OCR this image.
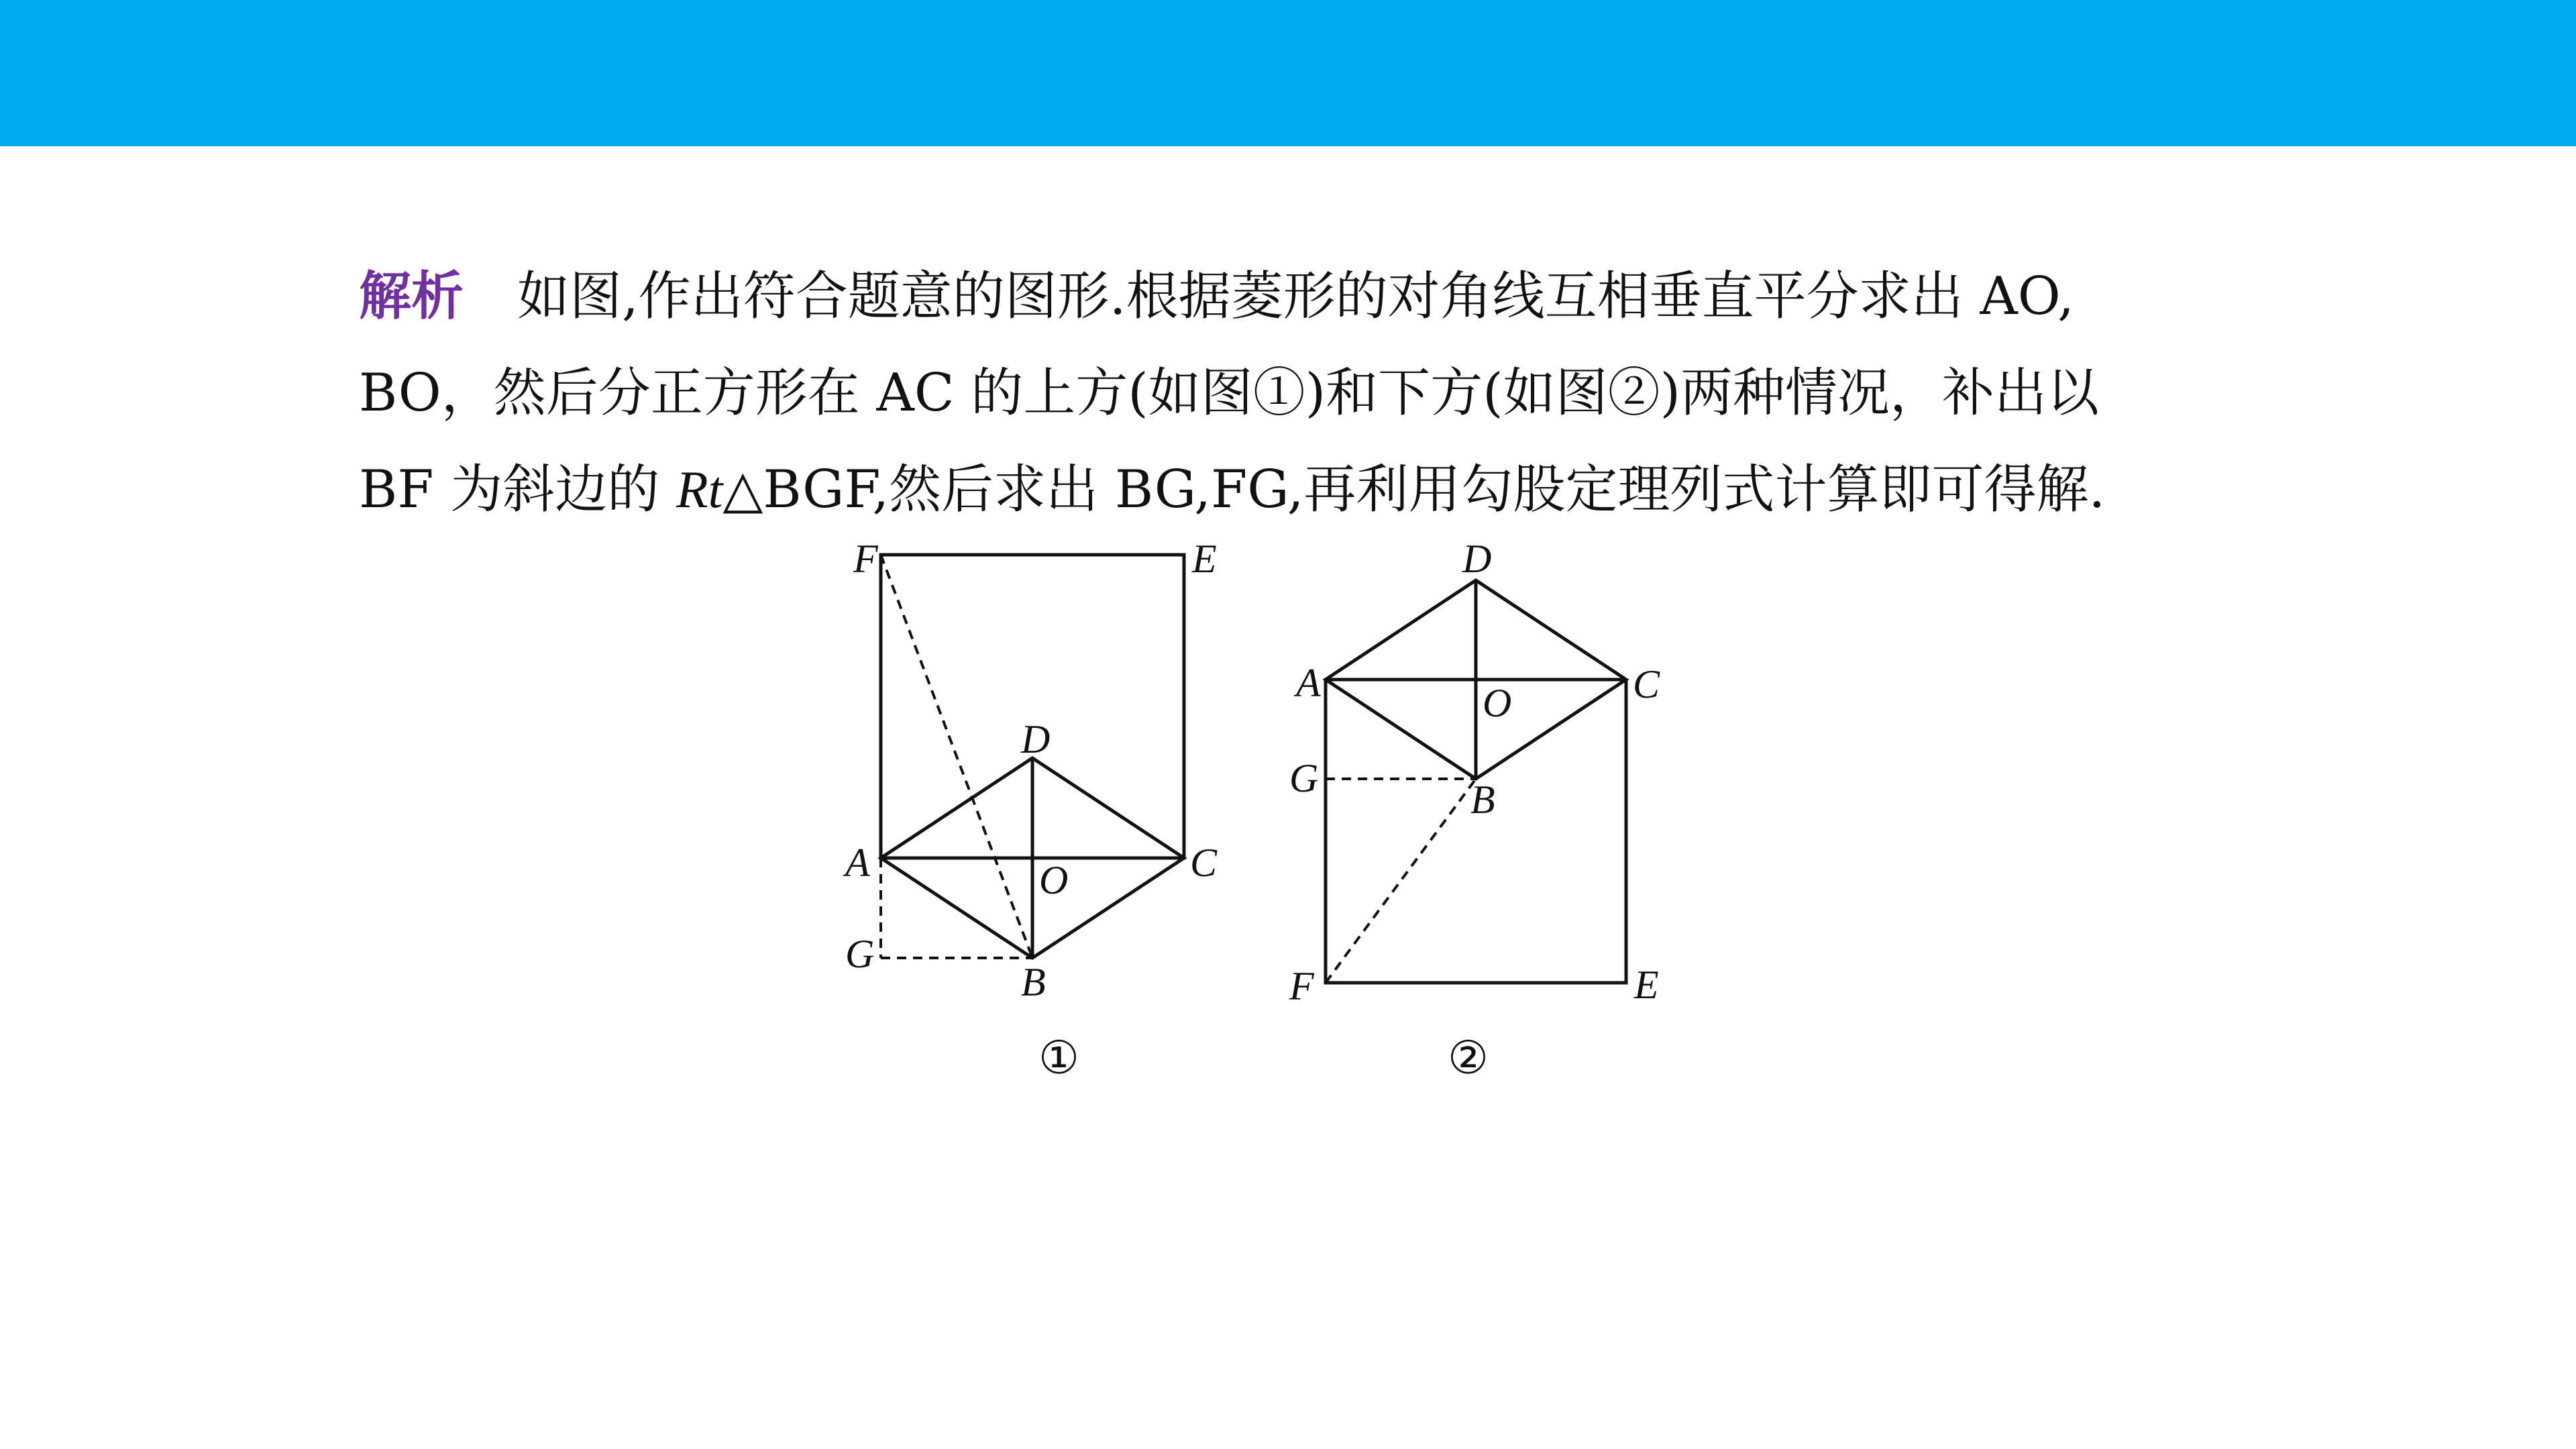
解析 如图,作出符合题意的图形.根据菱形的对角线互相垂直平分求出 AO,
BO，然后分正方形在 AC 的上方(如图①)和下方(如图②)两种情况，补出以
BF 为斜边的 Rt△BGF,然后求出 BG,FG,再利用勾股定理列式计算即可得解.
F	E
D
A	C
O
G
B
①
D
A	C
O
G	B
F	E
②
